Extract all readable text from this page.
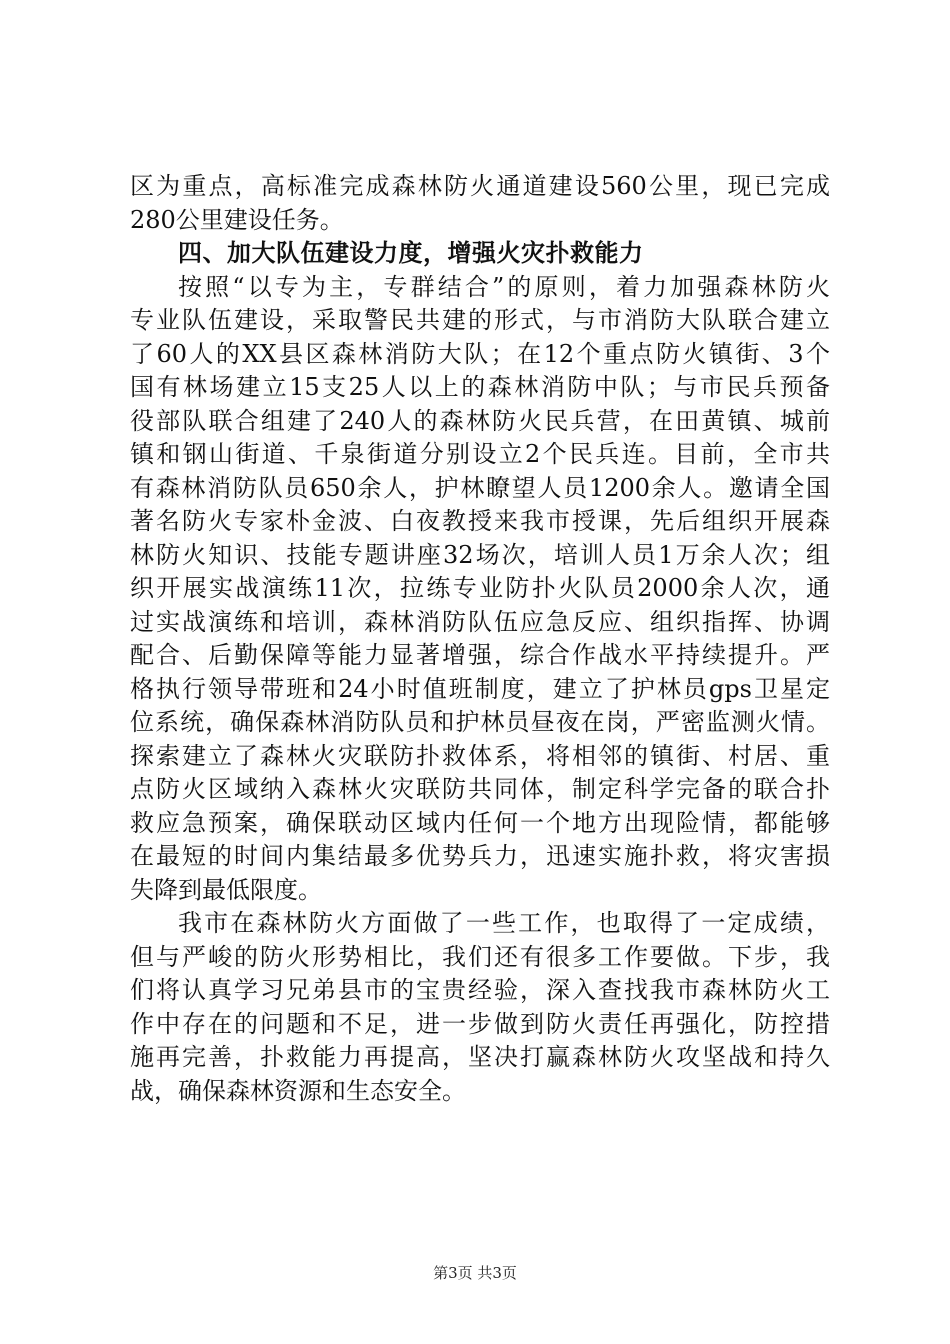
区为重点，高标准完成森林防火通道建设560公里，现已完成
280公里建设任务。
四、加大队伍建设力度，增强火灾扑救能力
按照“以专为主，专群结合”的原则，着力加强森林防火
专业队伍建设，采取警民共建的形式，与市消防大队联合建立
了60人的XX县区森林消防大队；在12个重点防火镇街、3个
国有林场建立15支25人以上的森林消防中队；与市民兵预备
役部队联合组建了240人的森林防火民兵营，在田黄镇、城前
镇和钢山街道、千泉街道分别设立2个民兵连。目前，全市共
有森林消防队员650余人，护林瞭望人员1200余人。邀请全国
著名防火专家朴金波、白夜教授来我市授课，先后组织开展森
林防火知识、技能专题讲座32场次，培训人员1万余人次；组
织开展实战演练11次，拉练专业防扑火队员2000余人次，通
过实战演练和培训，森林消防队伍应急反应、组织指挥、协调
配合、后勤保障等能力显著增强，综合作战水平持续提升。严
格执行领导带班和24小时值班制度，建立了护林员gps卫星定
位系统，确保森林消防队员和护林员昼夜在岗，严密监测火情。
探索建立了森林火灾联防扑救体系，将相邻的镇街、村居、重
点防火区域纳入森林火灾联防共同体，制定科学完备的联合扑
救应急预案，确保联动区域内任何一个地方出现险情，都能够
在最短的时间内集结最多优势兵力，迅速实施扑救，将灾害损
失降到最低限度。
我市在森林防火方面做了一些工作，也取得了一定成绩，
但与严峻的防火形势相比，我们还有很多工作要做。下步，我
们将认真学习兄弟县市的宝贵经验，深入查找我市森林防火工
作中存在的问题和不足，进一步做到防火责任再强化，防控措
施再完善，扑救能力再提高，坚决打赢森林防火攻坚战和持久
战，确保森林资源和生态安全。
第3页 共3页
